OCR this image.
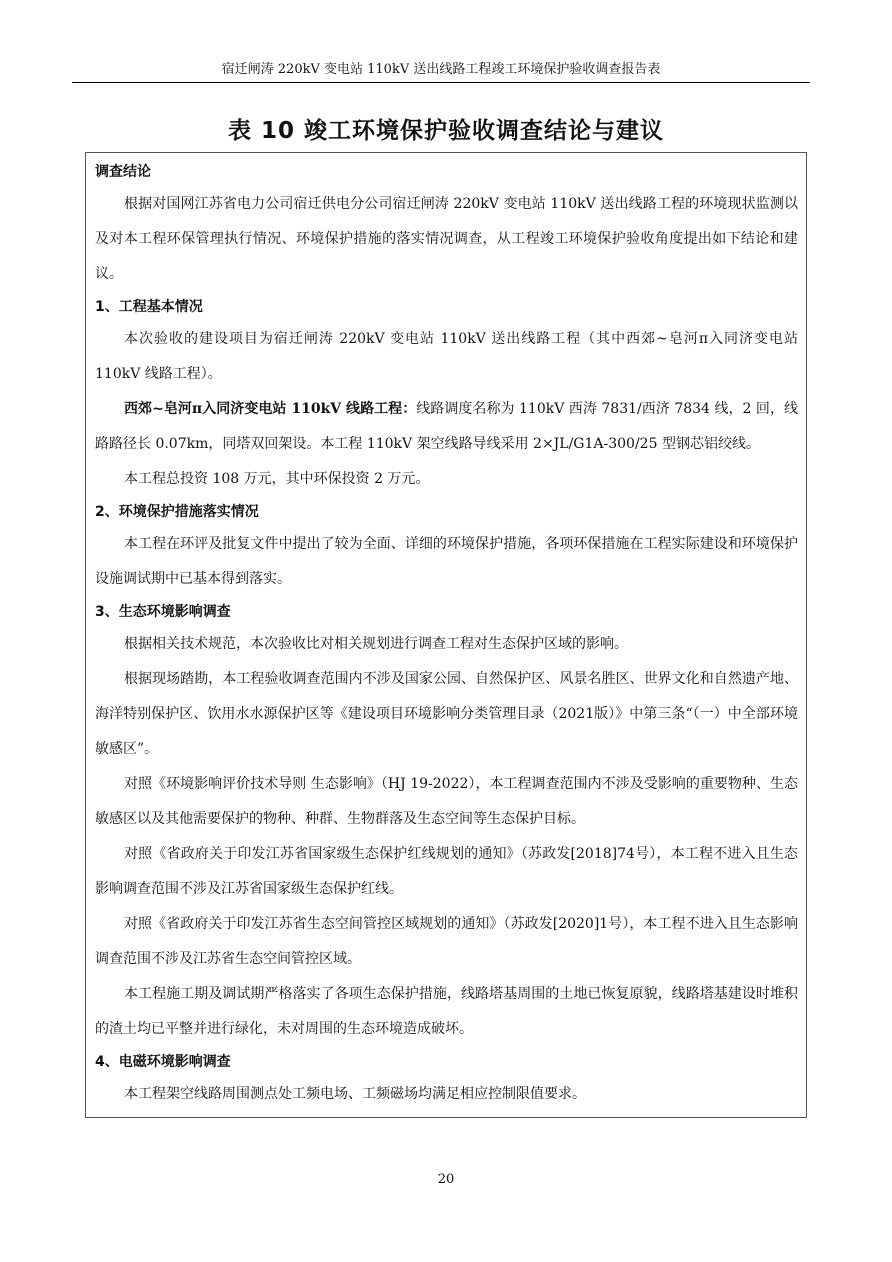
宿迁闸涛 220kV 变电站 110kV 送出线路工程竣工环境保护验收调查报告表
表 10 竣工环境保护验收调查结论与建议

调查结论

根据对国网江苏省电力公司宿迁供电分公司宿迁闸涛 220kV 变电站 110kV 送出线路工程的环境现状监测以及对本工程环保管理执行情况、环境保护措施的落实情况调查，从工程竣工环境保护验收角度提出如下结论和建议。

1、工程基本情况

本次验收的建设项目为宿迁闸涛 220kV 变电站 110kV 送出线路工程（其中西郊~皂河π入同济变电站 110kV 线路工程）。

西郊~皂河π入同济变电站 110kV 线路工程：线路调度名称为 110kV 西涛 7831/西济 7834 线，2 回，线路路径长 0.07km，同塔双回架设。本工程 110kV 架空线路导线采用 2×JL/G1A-300/25 型钢芯铝绞线。

本工程总投资 108 万元，其中环保投资 2 万元。

2、环境保护措施落实情况

本工程在环评及批复文件中提出了较为全面、详细的环境保护措施，各项环保措施在工程实际建设和环境保护设施调试期中已基本得到落实。

3、生态环境影响调查

根据相关技术规范，本次验收比对相关规划进行调查工程对生态保护区域的影响。

根据现场踏勘，本工程验收调查范围内不涉及国家公园、自然保护区、风景名胜区、世界文化和自然遗产地、海洋特别保护区、饮用水水源保护区等《建设项目环境影响分类管理目录（2021版）》中第三条“（一）中全部环境敏感区”。

对照《环境影响评价技术导则 生态影响》（HJ 19-2022），本工程调查范围内不涉及受影响的重要物种、生态敏感区以及其他需要保护的物种、种群、生物群落及生态空间等生态保护目标。

对照《省政府关于印发江苏省国家级生态保护红线规划的通知》（苏政发[2018]74号），本工程不进入且生态影响调查范围不涉及江苏省国家级生态保护红线。

对照《省政府关于印发江苏省生态空间管控区域规划的通知》（苏政发[2020]1号），本工程不进入且生态影响调查范围不涉及江苏省生态空间管控区域。

本工程施工期及调试期严格落实了各项生态保护措施，线路塔基周围的土地已恢复原貌，线路塔基建设时堆积的渣土均已平整并进行绿化，未对周围的生态环境造成破坏。

4、电磁环境影响调查

本工程架空线路周围测点处工频电场、工频磁场均满足相应控制限值要求。

20
